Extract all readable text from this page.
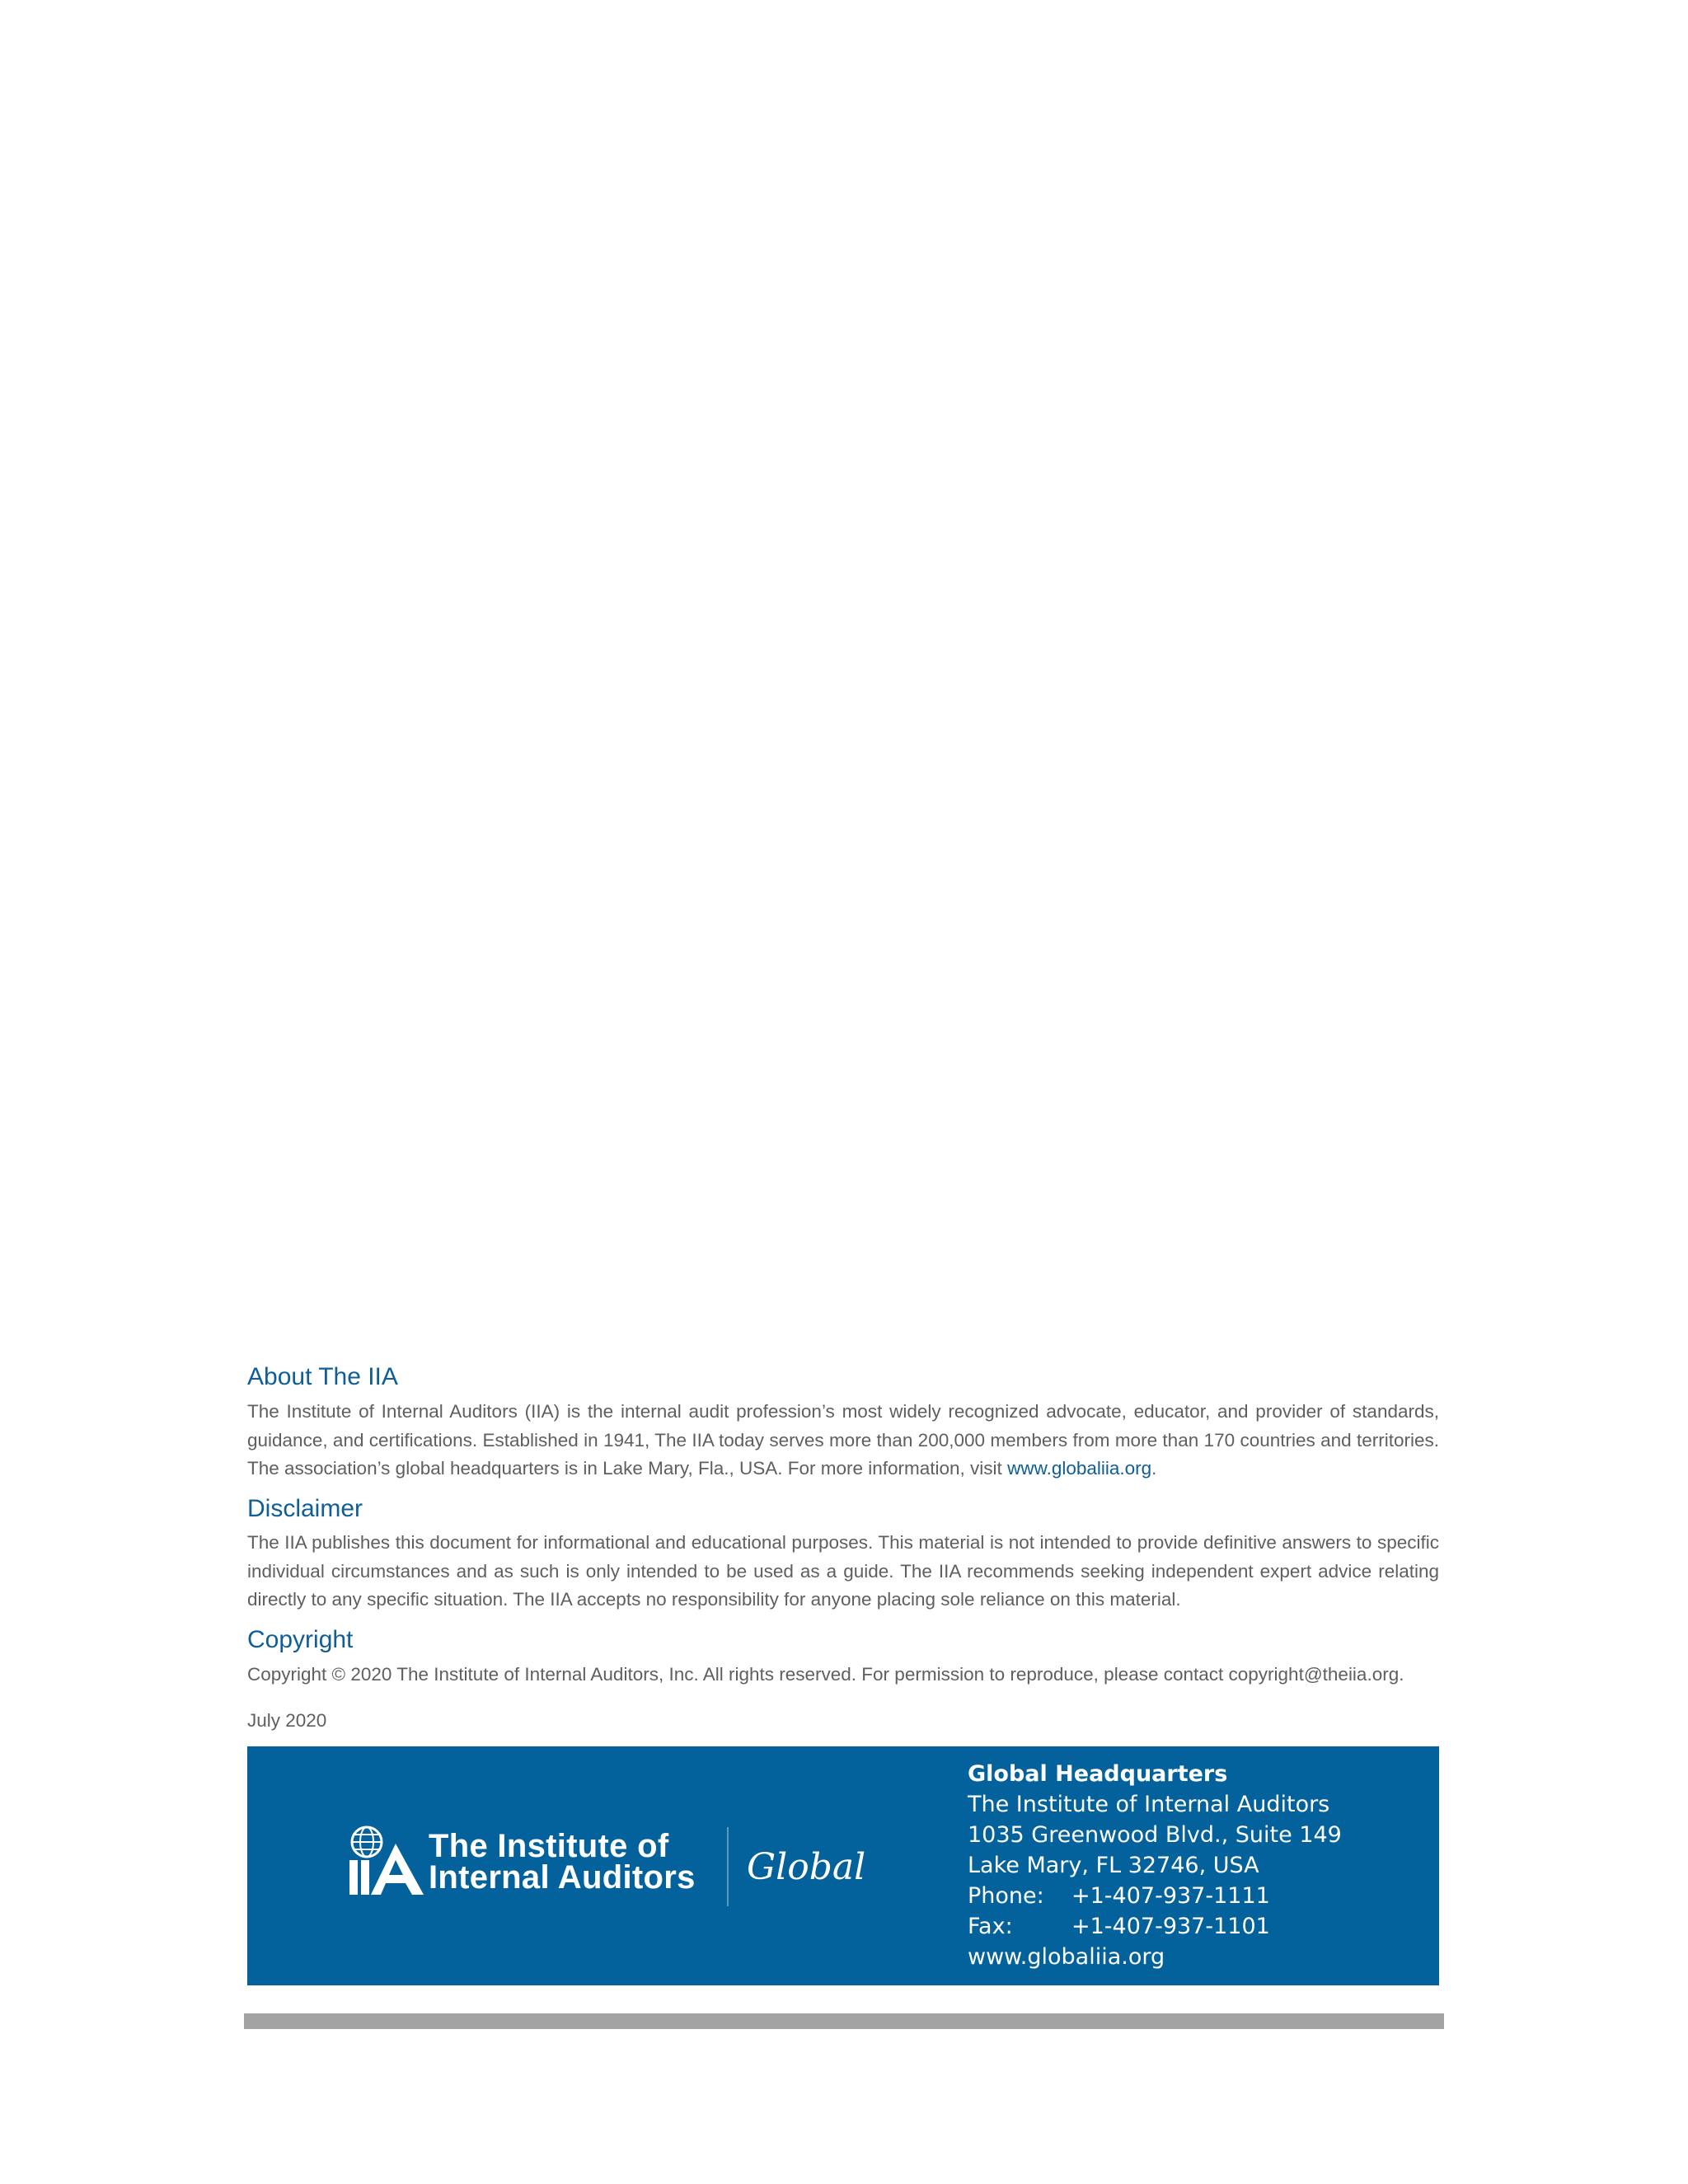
About The IIA

The Institute of Internal Auditors (IIA) is the internal audit profession’s most widely recognized advocate, educator, and provider of standards, guidance, and certifications. Established in 1941, The IIA today serves more than 200,000 members from more than 170 countries and territories. The association’s global headquarters is in Lake Mary, Fla., USA. For more information, visit www.globaliia.org.

Disclaimer

The IIA publishes this document for informational and educational purposes. This material is not intended to provide definitive answers to specific individual circumstances and as such is only intended to be used as a guide. The IIA recommends seeking independent expert advice relating directly to any specific situation. The IIA accepts no responsibility for anyone placing sole reliance on this material.

Copyright

Copyright © 2020 The Institute of Internal Auditors, Inc. All rights reserved. For permission to reproduce, please contact copyright@theiia.org.

July 2020

The Institute of
Internal Auditors Global
Global Headquarters
The Institute of Internal Auditors
1035 Greenwood Blvd., Suite 149
Lake Mary, FL 32746, USA
Phone: +1-407-937-1111
Fax:	+1-407-937-1101
www.globaliia.org
